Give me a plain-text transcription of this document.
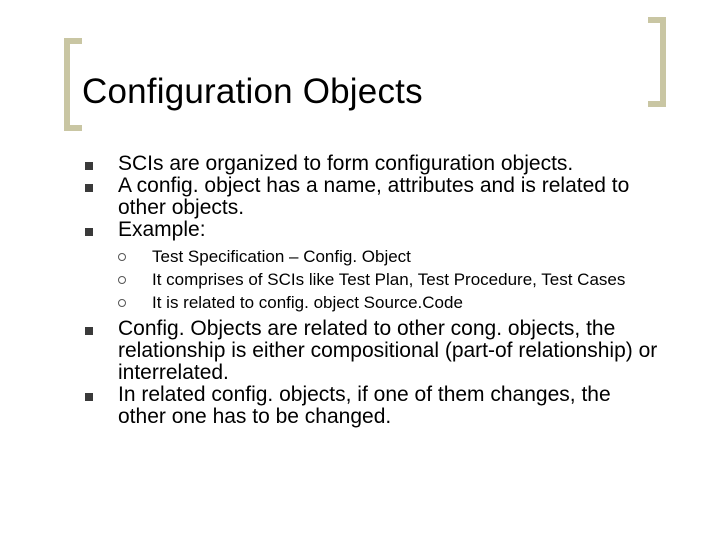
Configuration Objects
SCIs are organized to form configuration objects.
A config. object has a name, attributes and is related to other objects.
Example:
Test Specification – Config. Object
It comprises of SCIs like Test Plan, Test Procedure, Test Cases
It is related to config. object Source.Code
Config. Objects are related to other cong. objects, the relationship is either compositional (part-of relationship) or interrelated.
In related config. objects, if one of them changes, the other one has to be changed.
